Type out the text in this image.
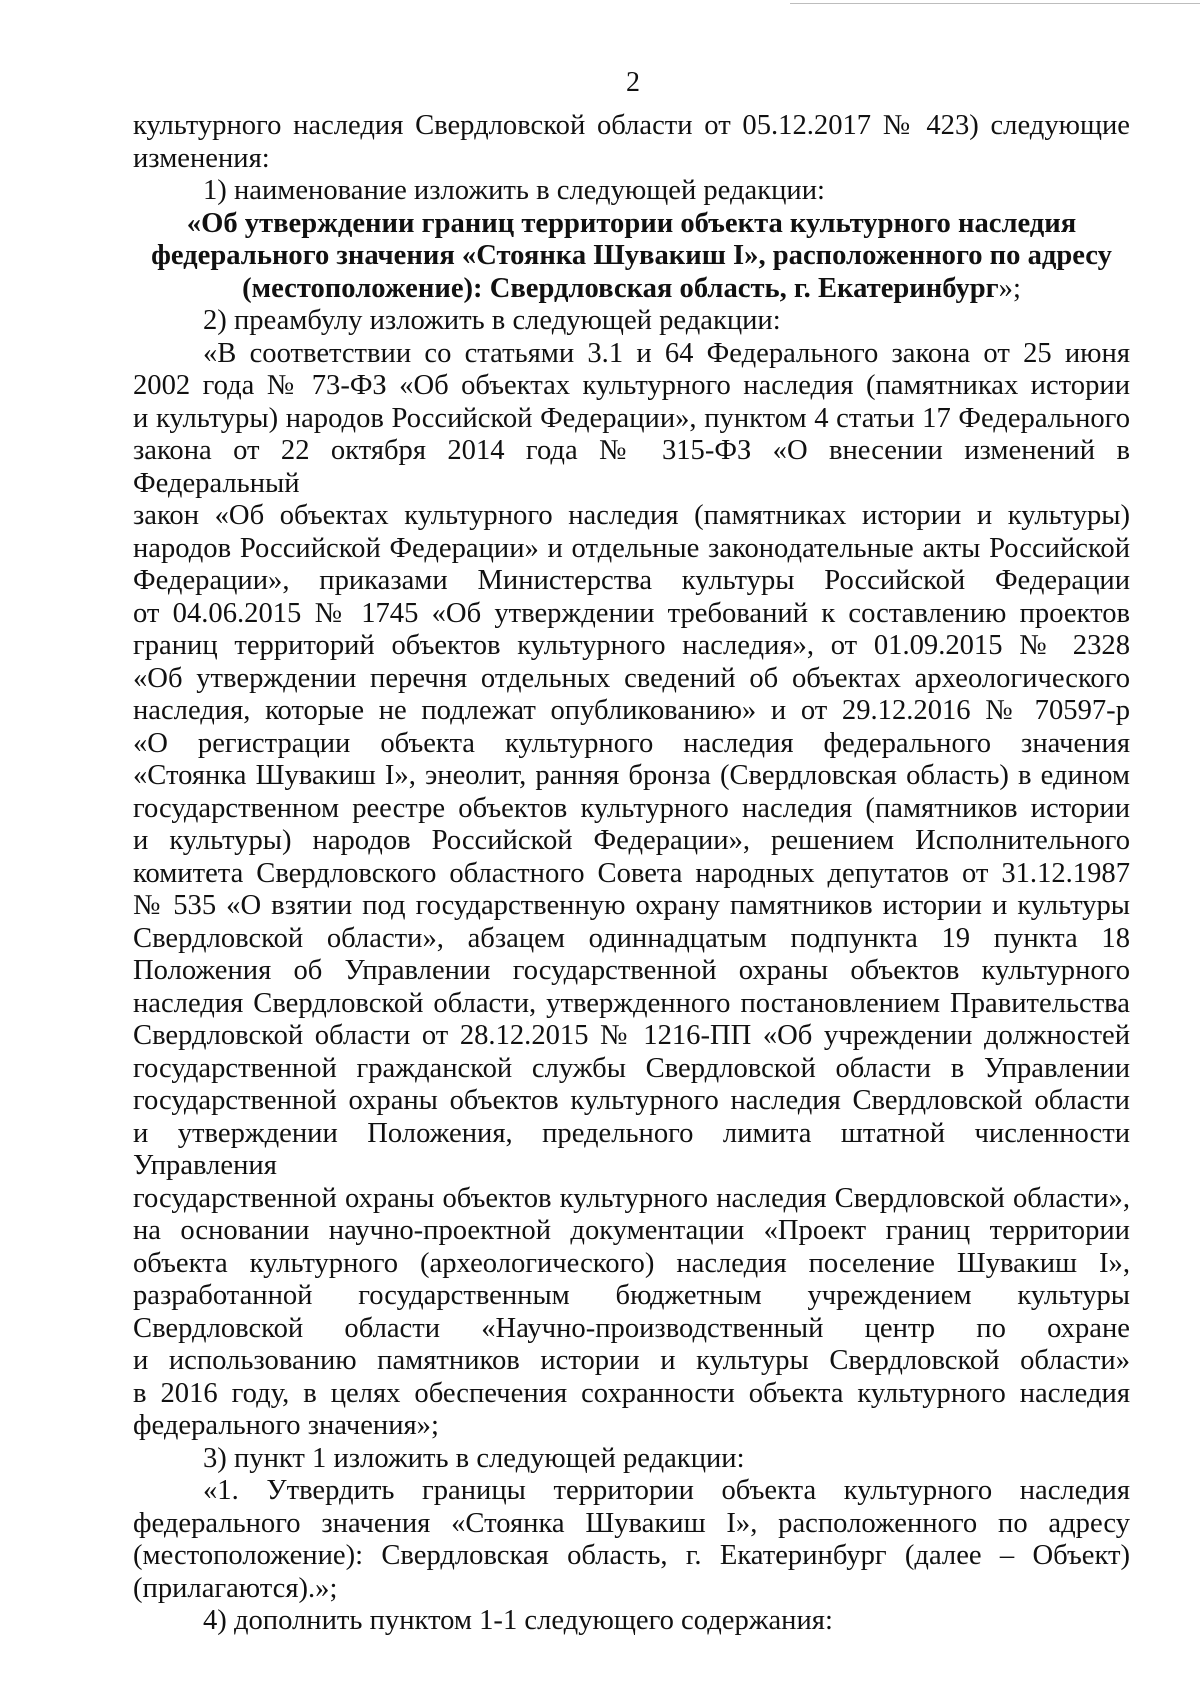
2

культурного наследия Свердловской области от 05.12.2017 № 423) следующие

изменения:

1) наименование изложить в следующей редакции:

«Об утверждении границ территории объекта культурного наследия

федерального значения «Стоянка Шувакиш I», расположенного по адресу

(местоположение): Свердловская область, г. Екатеринбург»;

2) преамбулу изложить в следующей редакции:

«В соответствии со статьями 3.1 и 64 Федерального закона от 25 июня

2002 года № 73-ФЗ «Об объектах культурного наследия (памятниках истории

и культуры) народов Российской Федерации», пунктом 4 статьи 17 Федерального

закона от 22 октября 2014 года № 315-ФЗ «О внесении изменений в Федеральный

закон «Об объектах культурного наследия (памятниках истории и культуры)

народов Российской Федерации» и отдельные законодательные акты Российской

Федерации», приказами Министерства культуры Российской Федерации

от 04.06.2015 № 1745 «Об утверждении требований к составлению проектов

границ территорий объектов культурного наследия», от 01.09.2015 № 2328

«Об утверждении перечня отдельных сведений об объектах археологического

наследия, которые не подлежат опубликованию» и от 29.12.2016 № 70597-р

«О регистрации объекта культурного наследия федерального значения

«Стоянка Шувакиш I», энеолит, ранняя бронза (Свердловская область) в едином

государственном реестре объектов культурного наследия (памятников истории

и культуры) народов Российской Федерации», решением Исполнительного

комитета Свердловского областного Совета народных депутатов от 31.12.1987

№ 535 «О взятии под государственную охрану памятников истории и культуры

Свердловской области», абзацем одиннадцатым подпункта 19 пункта 18

Положения об Управлении государственной охраны объектов культурного

наследия Свердловской области, утвержденного постановлением Правительства

Свердловской области от 28.12.2015 № 1216-ПП «Об учреждении должностей

государственной гражданской службы Свердловской области в Управлении

государственной охраны объектов культурного наследия Свердловской области

и утверждении Положения, предельного лимита штатной численности Управления

государственной охраны объектов культурного наследия Свердловской области»,

на основании научно-проектной документации «Проект границ территории

объекта культурного (археологического) наследия поселение Шувакиш I»,

разработанной государственным бюджетным учреждением культуры

Свердловской области «Научно-производственный центр по охране

и использованию памятников истории и культуры Свердловской области»

в 2016 году, в целях обеспечения сохранности объекта культурного наследия

федерального значения»;

3) пункт 1 изложить в следующей редакции:

«1. Утвердить границы территории объекта культурного наследия

федерального значения «Стоянка Шувакиш I», расположенного по адресу

(местоположение): Свердловская область, г. Екатеринбург (далее – Объект)

(прилагаются).»;

4) дополнить пунктом 1-1 следующего содержания:
